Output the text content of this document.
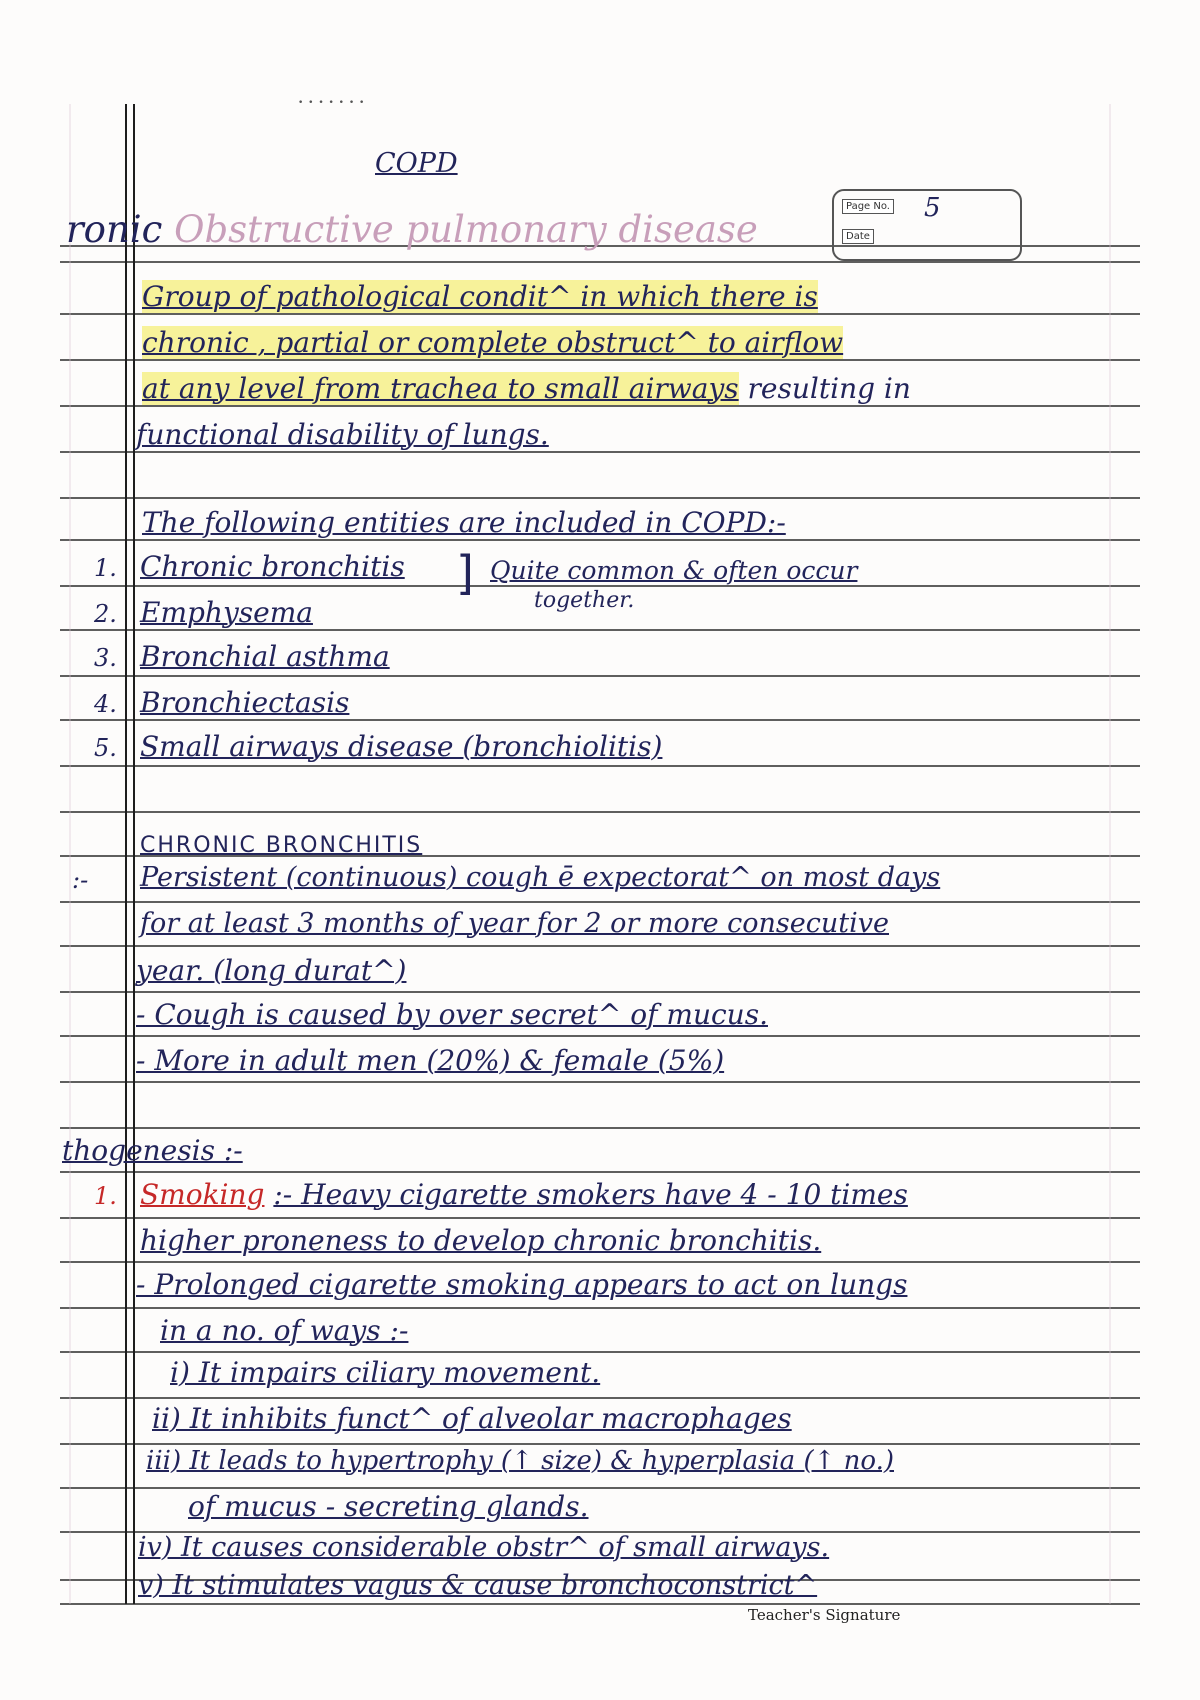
• • • • • • •
COPD
Page No.
Date
5
ronic Obstructive pulmonary disease
Group of pathological condit^ in which there is
chronic , partial or complete obstruct^ to airflow
at any level from trachea to small airways resulting in
functional disability of lungs.
The following entities are included in COPD:-
1. Chronic bronchitis
2. Emphysema
3. Bronchial asthma
4. Bronchiectasis
5. Small airways disease (bronchiolitis)
] Quite common & often occur
together.
CHRONIC BRONCHITIS
:- Persistent (continuous) cough ē expectorat^ on most days
for at least 3 months of year for 2 or more consecutive
year. (long durat^)
- Cough is caused by over secret^ of mucus.
- More in adult men (20%) & female (5%)
thogenesis :-
1. Smoking :- Heavy cigarette smokers have 4 - 10 times
higher proneness to develop chronic bronchitis.
- Prolonged cigarette smoking appears to act on lungs
in a no. of ways :-
i) It impairs ciliary movement.
ii) It inhibits funct^ of alveolar macrophages
iii) It leads to hypertrophy (↑ size) & hyperplasia (↑ no.)
of mucus - secreting glands.
iv) It causes considerable obstr^ of small airways.
v) It stimulates vagus & cause bronchoconstrict^
Teacher's Signature
